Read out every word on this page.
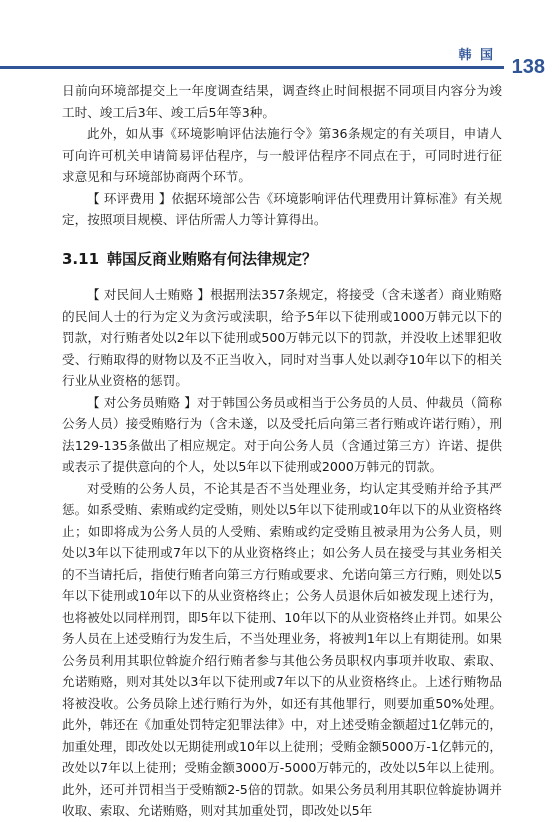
韩 国
138

日前向环境部提交上一年度调查结果，调查终止时间根据不同项目内容分为竣工时、竣工后3年、竣工后5年等3种。

此外，如从事《环境影响评估法施行令》第36条规定的有关项目，申请人可向许可机关申请简易评估程序，与一般评估程序不同点在于，可同时进行征求意见和与环境部协商两个环节。

【 环评费用 】依据环境部公告《环境影响评估代理费用计算标准》有关规定，按照项目规模、评估所需人力等计算得出。

3.11 韩国反商业贿赂有何法律规定？

【 对民间人士贿赂 】根据刑法357条规定，将接受（含未遂者）商业贿赂的民间人士的行为定义为贪污或渎职，给予5年以下徒刑或1000万韩元以下的罚款，对行贿者处以2年以下徒刑或500万韩元以下的罚款，并没收上述罪犯收受、行贿取得的财物以及不正当收入，同时对当事人处以剥夺10年以下的相关行业从业资格的惩罚。

【 对公务员贿赂 】对于韩国公务员或相当于公务员的人员、仲裁员（简称公务人员）接受贿赂行为（含未遂，以及受托后向第三者行贿或许诺行贿），刑法129-135条做出了相应规定。对于向公务人员（含通过第三方）许诺、提供或表示了提供意向的个人，处以5年以下徒刑或2000万韩元的罚款。

对受贿的公务人员，不论其是否不当处理业务，均认定其受贿并给予其严惩。如系受贿、索贿或约定受贿，则处以5年以下徒刑或10年以下的从业资格终止；如即将成为公务人员的人受贿、索贿或约定受贿且被录用为公务人员，则处以3年以下徒刑或7年以下的从业资格终止；如公务人员在接受与其业务相关的不当请托后，指使行贿者向第三方行贿或要求、允诺向第三方行贿，则处以5年以下徒刑或10年以下的从业资格终止；公务人员退休后如被发现上述行为，也将被处以同样刑罚，即5年以下徒刑、10年以下的从业资格终止并罚。如果公务人员在上述受贿行为发生后，不当处理业务，将被判1年以上有期徒刑。如果公务员利用其职位斡旋介绍行贿者参与其他公务员职权内事项并收取、索取、允诺贿赂，则对其处以3年以下徒刑或7年以下的从业资格终止。上述行贿物品将被没收。公务员除上述行贿行为外，如还有其他罪行，则要加重50%处理。此外，韩还在《加重处罚特定犯罪法律》中，对上述受贿金额超过1亿韩元的，加重处理，即改处以无期徒刑或10年以上徒刑；受贿金额5000万-1亿韩元的，改处以7年以上徒刑；受贿金额3000万-5000万韩元的，改处以5年以上徒刑。此外，还可并罚相当于受贿额2-5倍的罚款。如果公务员利用其职位斡旋协调并收取、索取、允诺贿赂，则对其加重处罚，即改处以5年
